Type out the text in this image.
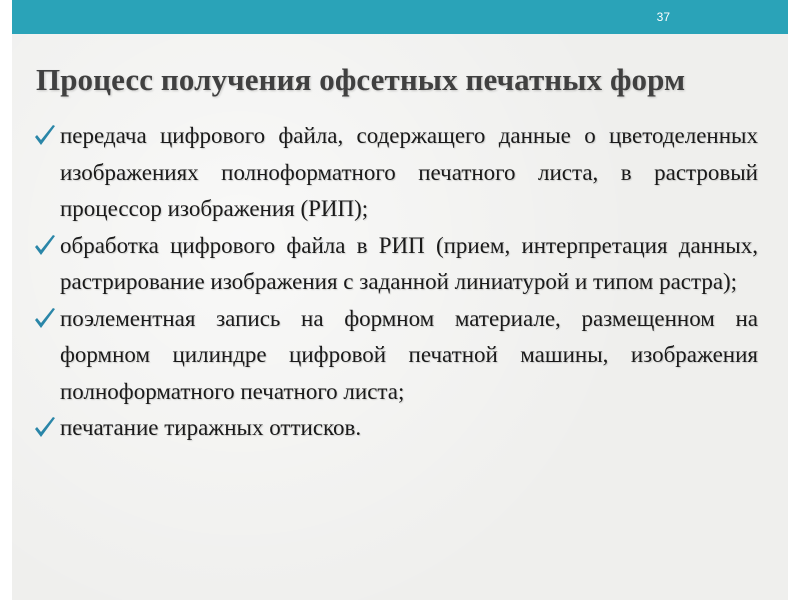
37
Процесс получения офсетных печатных форм
передача цифрового файла, содержащего данные о цветоделенных изображениях полноформатного печатного листа, в растровый процессор изображения (РИП);
обработка цифрового файла в РИП (прием, интерпретация данных, растрирование изображения с заданной линиатурой и типом растра);
поэлементная запись на формном материале, размещенном на формном цилиндре цифровой печатной машины, изображения полноформатного печатного листа;
печатание тиражных оттисков.
